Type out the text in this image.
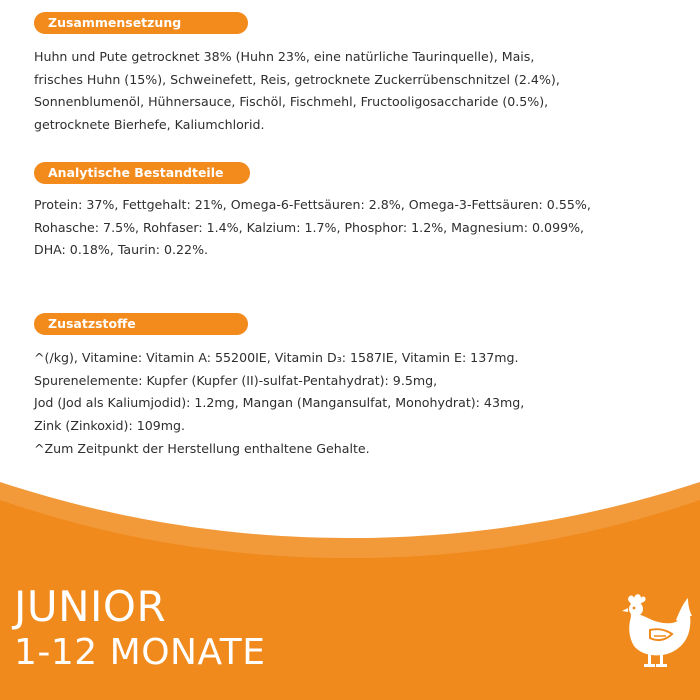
Zusammensetzung
Huhn und Pute getrocknet 38% (Huhn 23%, eine natürliche Taurinquelle), Mais,
frisches Huhn (15%), Schweinefett, Reis, getrocknete Zuckerrübenschnitzel (2.4%),
Sonnenblumenöl, Hühnersauce, Fischöl, Fischmehl, Fructooligosaccharide (0.5%),
getrocknete Bierhefe, Kaliumchlorid.
Analytische Bestandteile
Protein: 37%, Fettgehalt: 21%, Omega-6-Fettsäuren: 2.8%, Omega-3-Fettsäuren: 0.55%,
Rohasche: 7.5%, Rohfaser: 1.4%, Kalzium: 1.7%, Phosphor: 1.2%, Magnesium: 0.099%,
DHA: 0.18%, Taurin: 0.22%.
Zusatzstoffe
^(/kg), Vitamine: Vitamin A: 55200IE, Vitamin D₃: 1587IE, Vitamin E: 137mg.
Spurenelemente: Kupfer (Kupfer (II)-sulfat-Pentahydrat): 9.5mg,
Jod (Jod als Kaliumjodid): 1.2mg, Mangan (Mangansulfat, Monohydrat): 43mg,
Zink (Zinkoxid): 109mg.
^Zum Zeitpunkt der Herstellung enthaltene Gehalte.
JUNIOR
1-12 MONATE
